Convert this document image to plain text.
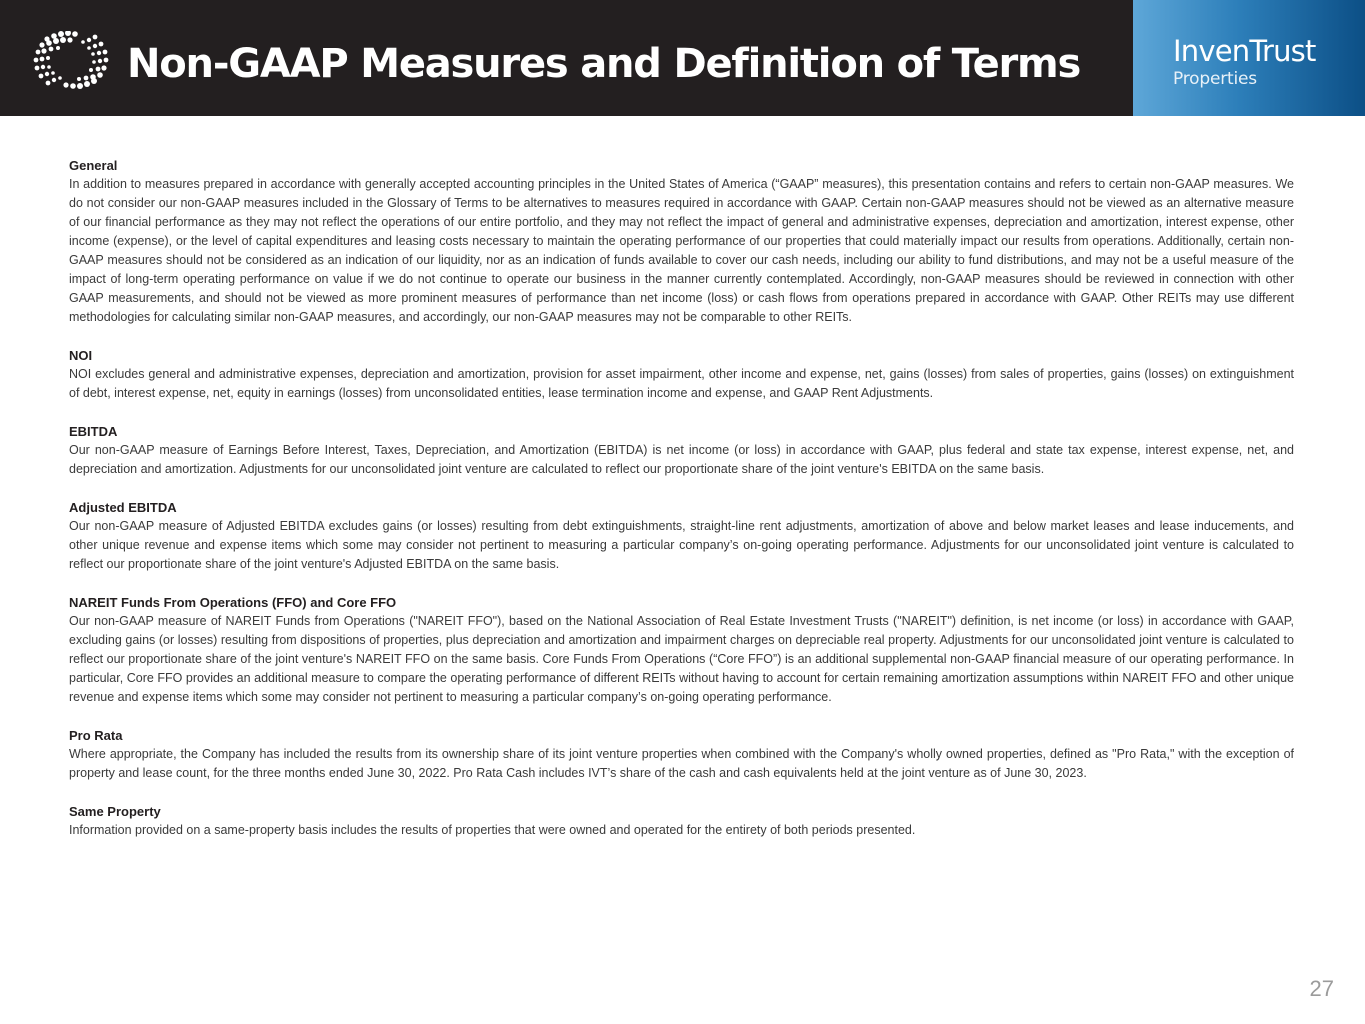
Non-GAAP Measures and Definition of Terms	InvenTrust
Properties
General

In addition to measures prepared in accordance with generally accepted accounting principles in the United States of America (“GAAP” measures), this presentation contains and refers to certain non-GAAP measures. We do not consider our non-GAAP measures included in the Glossary of Terms to be alternatives to measures required in accordance with GAAP. Certain non-GAAP measures should not be viewed as an alternative measure of our financial performance as they may not reflect the operations of our entire portfolio, and they may not reflect the impact of general and administrative expenses, depreciation and amortization, interest expense, other income (expense), or the level of capital expenditures and leasing costs necessary to maintain the operating performance of our properties that could materially impact our results from operations. Additionally, certain non-GAAP measures should not be considered as an indication of our liquidity, nor as an indication of funds available to cover our cash needs, including our ability to fund distributions, and may not be a useful measure of the impact of long-term operating performance on value if we do not continue to operate our business in the manner currently contemplated. Accordingly, non-GAAP measures should be reviewed in connection with other GAAP measurements, and should not be viewed as more prominent measures of performance than net income (loss) or cash flows from operations prepared in accordance with GAAP. Other REITs may use different methodologies for calculating similar non-GAAP measures, and accordingly, our non-GAAP measures may not be comparable to other REITs.

NOI

NOI excludes general and administrative expenses, depreciation and amortization, provision for asset impairment, other income and expense, net, gains (losses) from sales of properties, gains (losses) on extinguishment of debt, interest expense, net, equity in earnings (losses) from unconsolidated entities, lease termination income and expense, and GAAP Rent Adjustments.

EBITDA

Our non-GAAP measure of Earnings Before Interest, Taxes, Depreciation, and Amortization (EBITDA) is net income (or loss) in accordance with GAAP, plus federal and state tax expense, interest expense, net, and depreciation and amortization. Adjustments for our unconsolidated joint venture are calculated to reflect our proportionate share of the joint venture's EBITDA on the same basis.

Adjusted EBITDA

Our non-GAAP measure of Adjusted EBITDA excludes gains (or losses) resulting from debt extinguishments, straight-line rent adjustments, amortization of above and below market leases and lease inducements, and other unique revenue and expense items which some may consider not pertinent to measuring a particular company’s on-going operating performance. Adjustments for our unconsolidated joint venture is calculated to reflect our proportionate share of the joint venture's Adjusted EBITDA on the same basis.

NAREIT Funds From Operations (FFO) and Core FFO

Our non-GAAP measure of NAREIT Funds from Operations ("NAREIT FFO"), based on the National Association of Real Estate Investment Trusts ("NAREIT") definition, is net income (or loss) in accordance with GAAP, excluding gains (or losses) resulting from dispositions of properties, plus depreciation and amortization and impairment charges on depreciable real property. Adjustments for our unconsolidated joint venture is calculated to reflect our proportionate share of the joint venture's NAREIT FFO on the same basis. Core Funds From Operations (“Core FFO”) is an additional supplemental non-GAAP financial measure of our operating performance. In particular, Core FFO provides an additional measure to compare the operating performance of different REITs without having to account for certain remaining amortization assumptions within NAREIT FFO and other unique revenue and expense items which some may consider not pertinent to measuring a particular company’s on-going operating performance.

Pro Rata

Where appropriate, the Company has included the results from its ownership share of its joint venture properties when combined with the Company's wholly owned properties, defined as "Pro Rata," with the exception of property and lease count, for the three months ended June 30, 2022. Pro Rata Cash includes IVT’s share of the cash and cash equivalents held at the joint venture as of June 30, 2023.

Same Property

Information provided on a same-property basis includes the results of properties that were owned and operated for the entirety of both periods presented.

27
